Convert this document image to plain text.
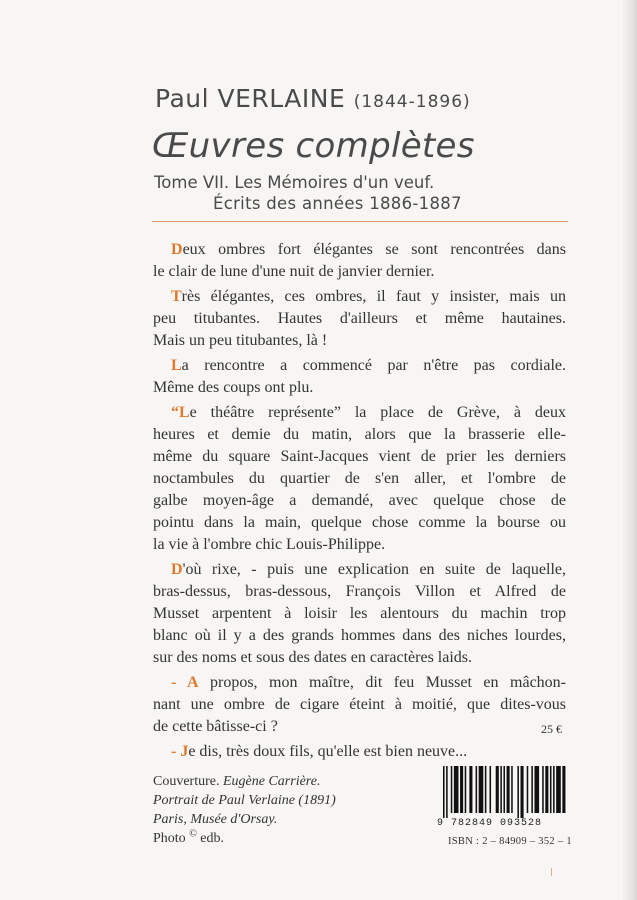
Paul VERLAINE (1844-1896)
Œuvres complètes
Tome VII. Les Mémoires d'un veuf.
Écrits des années 1886-1887
Deux ombres fort élégantes se sont rencontrées dans
le clair de lune d'une nuit de janvier dernier.
Très élégantes, ces ombres, il faut y insister, mais un
peu titubantes. Hautes d'ailleurs et même hautaines.
Mais un peu titubantes, là !
La rencontre a commencé par n'être pas cordiale.
Même des coups ont plu.
“Le théâtre représente” la place de Grève, à deux
heures et demie du matin, alors que la brasserie elle-
même du square Saint-Jacques vient de prier les derniers
noctambules du quartier de s'en aller, et l'ombre de
galbe moyen-âge a demandé, avec quelque chose de
pointu dans la main, quelque chose comme la bourse ou
la vie à l'ombre chic Louis-Philippe.
D'où rixe, - puis une explication en suite de laquelle,
bras-dessus, bras-dessous, François Villon et Alfred de
Musset arpentent à loisir les alentours du machin trop
blanc où il y a des grands hommes dans des niches lourdes,
sur des noms et sous des dates en caractères laids.
- A propos, mon maître, dit feu Musset en mâchon-
nant une ombre de cigare éteint à moitié, que dites-vous
de cette bâtisse-ci ?
- Je dis, très doux fils, qu'elle est bien neuve...
25 €
Couverture. Eugène Carrière.
Portrait de Paul Verlaine (1891)
Paris, Musée d'Orsay.
Photo © edb.
9 782849 093528
ISBN : 2 – 84909 – 352 – 1
